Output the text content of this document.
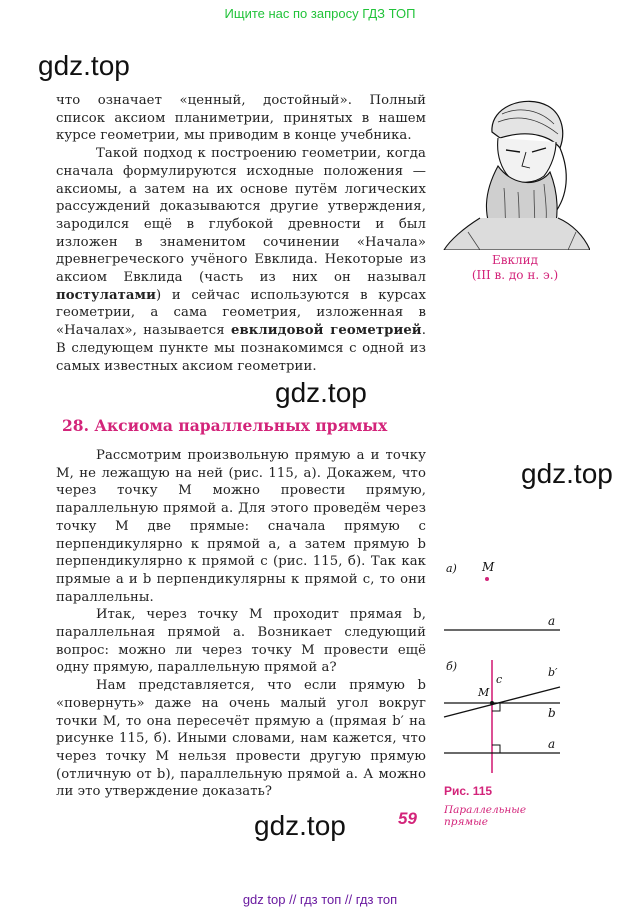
Ищите нас по запросу ГДЗ ТОП
gdz.top
gdz.top
gdz.top
gdz.top

что означает «ценный, достойный». Полный список аксиом планиметрии, принятых в нашем курсе геометрии, мы приводим в конце учебника.

Такой подход к построению геометрии, когда сначала формулируются исходные положения — аксиомы, а затем на их основе путём логических рассуждений доказываются другие утверждения, зародился ещё в глубокой древности и был изложен в знаменитом сочинении «Начала» древнегреческого учёного Евклида. Некоторые из аксиом Евклида (часть из них он называл постулатами) и сейчас используются в курсах геометрии, а сама геометрия, изложенная в «Началах», называется евклидовой геометрией. В следующем пункте мы познакомимся с одной из самых известных аксиом геометрии.

Евклид
(III в. до н. э.)
28. Аксиома параллельных прямых

Рассмотрим произвольную прямую a и точку M, не лежащую на ней (рис. 115, а). Докажем, что через точку M можно провести прямую, параллельную прямой a. Для этого проведём через точку M две прямые: сначала прямую c перпендикулярно к прямой a, а затем прямую b перпендикулярно к прямой c (рис. 115, б). Так как прямые a и b перпендикулярны к прямой c, то они параллельны.

Итак, через точку M проходит прямая b, параллельная прямой a. Возникает следующий вопрос: можно ли через точку M провести ещё одну прямую, параллельную прямой a?

Нам представляется, что если прямую b «повернуть» даже на очень малый угол вокруг точки M, то она пересечёт прямую a (прямая b′ на рисунке 115, б). Иными словами, нам кажется, что через точку M нельзя провести другую прямую (отличную от b), параллельную прямой a. А можно ли это утверждение доказать?

а) M
a
б)
c
b′
b
M
a
Рис. 115
Параллельные
прямые
59
gdz top // гдз топ // гдз топ
